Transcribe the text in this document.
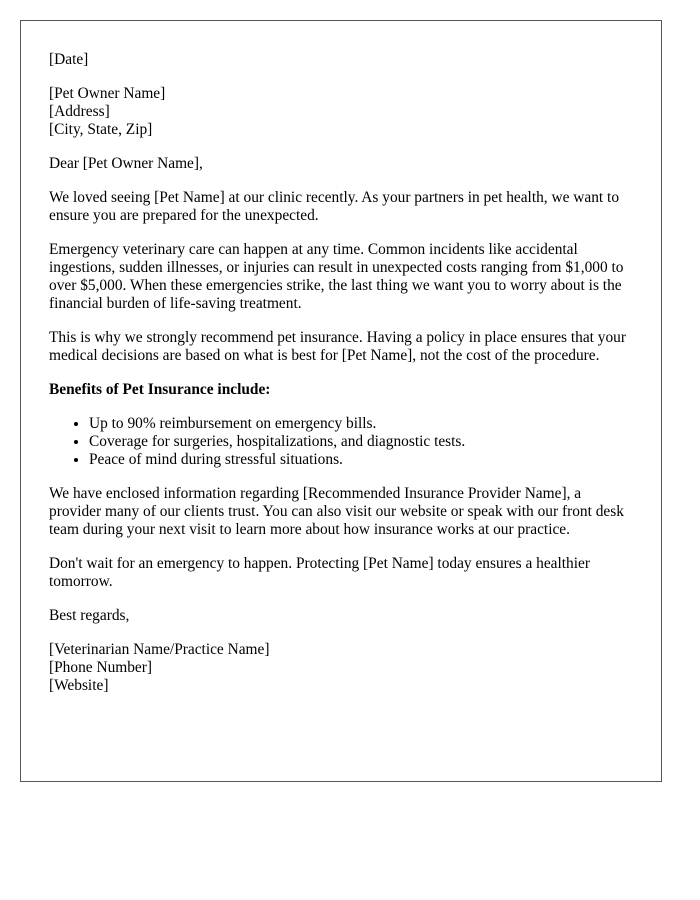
[Date]
[Pet Owner Name]
[Address]
[City, State, Zip]

Dear [Pet Owner Name],

We loved seeing [Pet Name] at our clinic recently. As your partners in pet health, we want to ensure you are prepared for the unexpected.

Emergency veterinary care can happen at any time. Common incidents like accidental ingestions, sudden illnesses, or injuries can result in unexpected costs ranging from $1,000 to over $5,000. When these emergencies strike, the last thing we want you to worry about is the financial burden of life-saving treatment.

This is why we strongly recommend pet insurance. Having a policy in place ensures that your medical decisions are based on what is best for [Pet Name], not the cost of the procedure.

Benefits of Pet Insurance include:

• Up to 90% reimbursement on emergency bills.
• Coverage for surgeries, hospitalizations, and diagnostic tests.
• Peace of mind during stressful situations.

We have enclosed information regarding [Recommended Insurance Provider Name], a provider many of our clients trust. You can also visit our website or speak with our front desk team during your next visit to learn more about how insurance works at our practice.

Don't wait for an emergency to happen. Protecting [Pet Name] today ensures a healthier tomorrow.

Best regards,

[Veterinarian Name/Practice Name]
[Phone Number]
[Website]
